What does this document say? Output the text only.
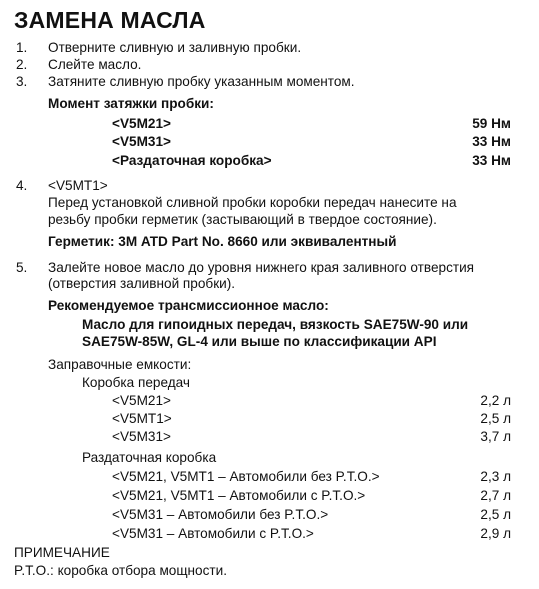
ЗАМЕНА МАСЛА
1.	Отверните сливную и заливную пробки.
2.	Слейте масло.
3.	Затяните сливную пробку указанным моментом.
Момент затяжки пробки:
<V5M21>	59 Нм
<V5M31>	33 Нм
<Раздаточная коробка>	33 Нм
4.	<V5MT1>
Перед установкой сливной пробки коробки передач нанесите на
резьбу пробки герметик (застывающий в твердое состояние).
Герметик: 3М ATD Part No. 8660 или эквивалентный
5.	Залейте новое масло до уровня нижнего края заливного отверстия
(отверстия заливной пробки).
Рекомендуемое трансмиссионное масло:
Масло для гипоидных передач, вязкость SAE75W-90 или
SAE75W-85W, GL-4 или выше по классификации API
Заправочные емкости:
Коробка передач
<V5M21>	2,2 л
<V5MT1>	2,5 л
<V5M31>	3,7 л
Раздаточная коробка
<V5M21, V5MT1 – Автомобили без P.T.O.>	2,3 л
<V5M21, V5MT1 – Автомобили с P.T.O.>	2,7 л
<V5M31 – Автомобили без P.T.O.>	2,5 л
<V5M31 – Автомобили с P.T.O.>	2,9 л
ПРИМЕЧАНИЕ
P.T.O.: коробка отбора мощности.
